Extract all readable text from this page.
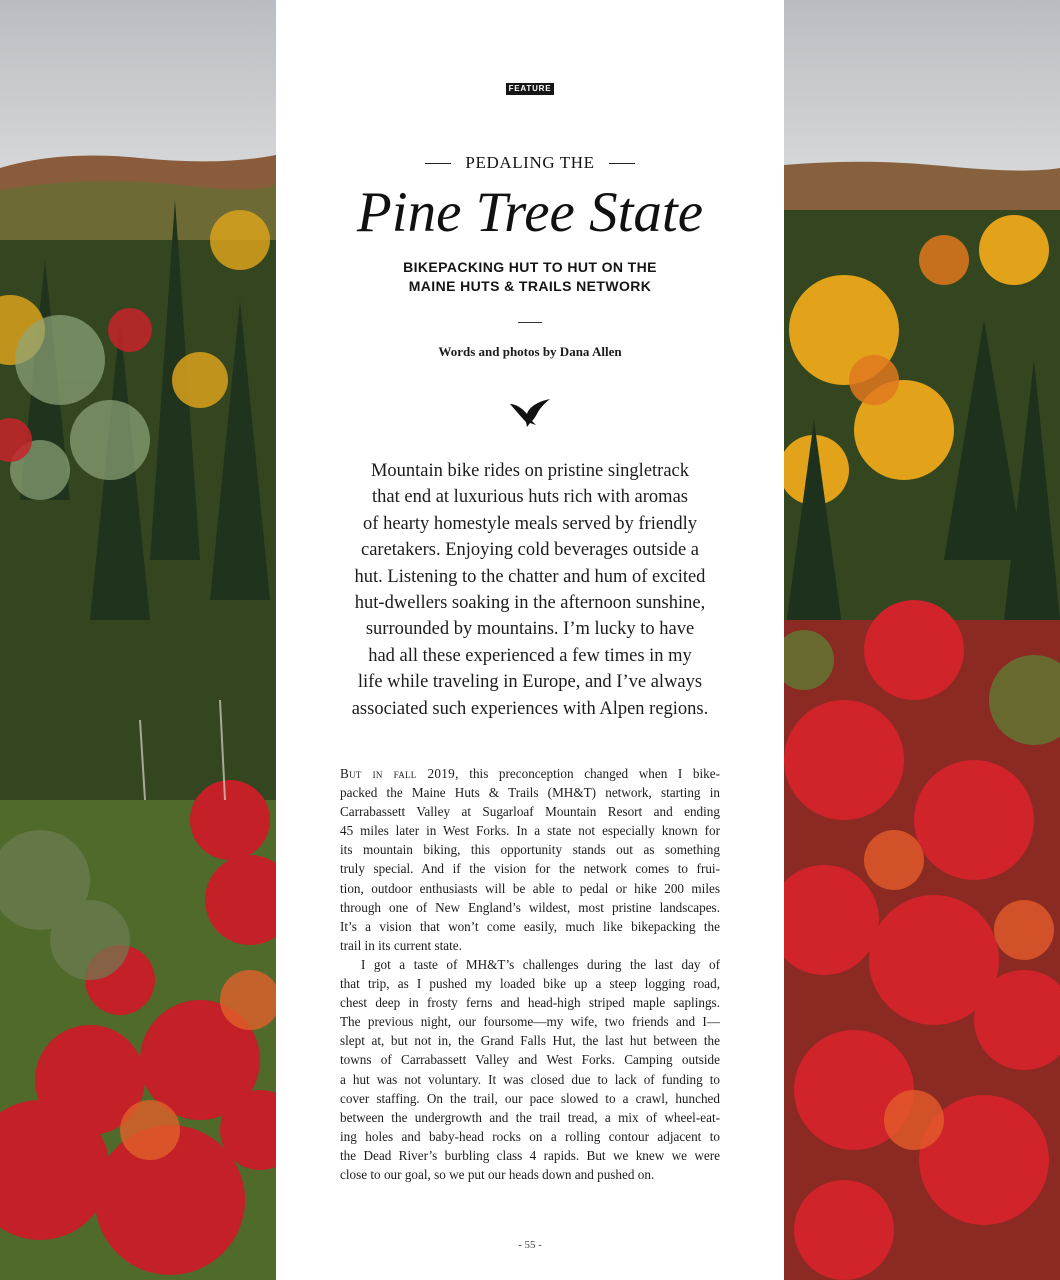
FEATURE
PEDALING THE
Pine Tree State
BIKEPACKING HUT TO HUT ON THE
MAINE HUTS & TRAILS NETWORK
Words and photos by Dana Allen

Mountain bike rides on pristine singletrack
that end at luxurious huts rich with aromas
of hearty homestyle meals served by friendly
caretakers. Enjoying cold beverages outside a
hut. Listening to the chatter and hum of excited
hut-dwellers soaking in the afternoon sunshine,
surrounded by mountains. I’m lucky to have
had all these experienced a few times in my
life while traveling in Europe, and I’ve always
associated such experiences with Alpen regions.

But in fall 2019, this preconception changed when I bike-
packed the Maine Huts & Trails (MH&T) network, starting in
Carrabassett Valley at Sugarloaf Mountain Resort and ending
45 miles later in West Forks. In a state not especially known for
its mountain biking, this opportunity stands out as something
truly special. And if the vision for the network comes to frui-
tion, outdoor enthusiasts will be able to pedal or hike 200 miles
through one of New England’s wildest, most pristine landscapes.
It’s a vision that won’t come easily, much like bikepacking the
trail in its current state.

I got a taste of MH&T’s challenges during the last day of
that trip, as I pushed my loaded bike up a steep logging road,
chest deep in frosty ferns and head-high striped maple saplings.
The previous night, our foursome—my wife, two friends and I—
slept at, but not in, the Grand Falls Hut, the last hut between the
towns of Carrabassett Valley and West Forks. Camping outside
a hut was not voluntary. It was closed due to lack of funding to
cover staffing. On the trail, our pace slowed to a crawl, hunched
between the undergrowth and the trail tread, a mix of wheel-eat-
ing holes and baby-head rocks on a rolling contour adjacent to
the Dead River’s burbling class 4 rapids. But we knew we were
close to our goal, so we put our heads down and pushed on.

- 55 -
